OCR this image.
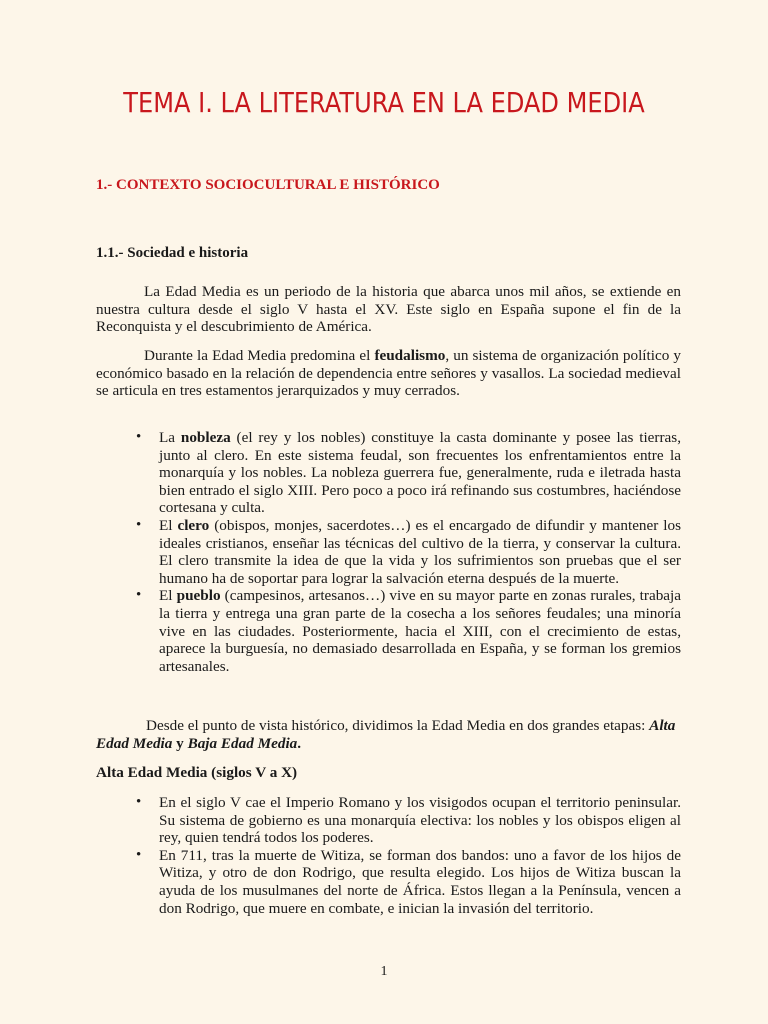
TEMA I. LA LITERATURA EN LA EDAD MEDIA
1.- CONTEXTO SOCIOCULTURAL E HISTÓRICO
1.1.- Sociedad e historia

La Edad Media es un periodo de la historia que abarca unos mil años, se extiende en nuestra cultura desde el siglo V hasta el XV. Este siglo en España supone el fin de la Reconquista y el descubrimiento de América.

Durante la Edad Media predomina el feudalismo, un sistema de organización político y económico basado en la relación de dependencia entre señores y vasallos. La sociedad medieval se articula en tres estamentos jerarquizados y muy cerrados.

• La nobleza (el rey y los nobles) constituye la casta dominante y posee las tierras, junto al clero. En este sistema feudal, son frecuentes los enfrentamientos entre la monarquía y los nobles. La nobleza guerrera fue, generalmente, ruda e iletrada hasta bien entrado el siglo XIII. Pero poco a poco irá refinando sus costumbres, haciéndose cortesana y culta.
• El clero (obispos, monjes, sacerdotes…) es el encargado de difundir y mantener los ideales cristianos, enseñar las técnicas del cultivo de la tierra, y conservar la cultura. El clero transmite la idea de que la vida y los sufrimientos son pruebas que el ser humano ha de soportar para lograr la salvación eterna después de la muerte.
• El pueblo (campesinos, artesanos…) vive en su mayor parte en zonas rurales, trabaja la tierra y entrega una gran parte de la cosecha a los señores feudales; una minoría vive en las ciudades. Posteriormente, hacia el XIII, con el crecimiento de estas, aparece la burguesía, no demasiado desarrollada en España, y se forman los gremios artesanales.

Desde el punto de vista histórico, dividimos la Edad Media en dos grandes etapas: Alta Edad Media y Baja Edad Media.

Alta Edad Media (siglos V a X)
• En el siglo V cae el Imperio Romano y los visigodos ocupan el territorio peninsular. Su sistema de gobierno es una monarquía electiva: los nobles y los obispos eligen al rey, quien tendrá todos los poderes.
• En 711, tras la muerte de Witiza, se forman dos bandos: uno a favor de los hijos de Witiza, y otro de don Rodrigo, que resulta elegido. Los hijos de Witiza buscan la ayuda de los musulmanes del norte de África. Estos llegan a la Península, vencen a don Rodrigo, que muere en combate, e inician la invasión del territorio.
1
